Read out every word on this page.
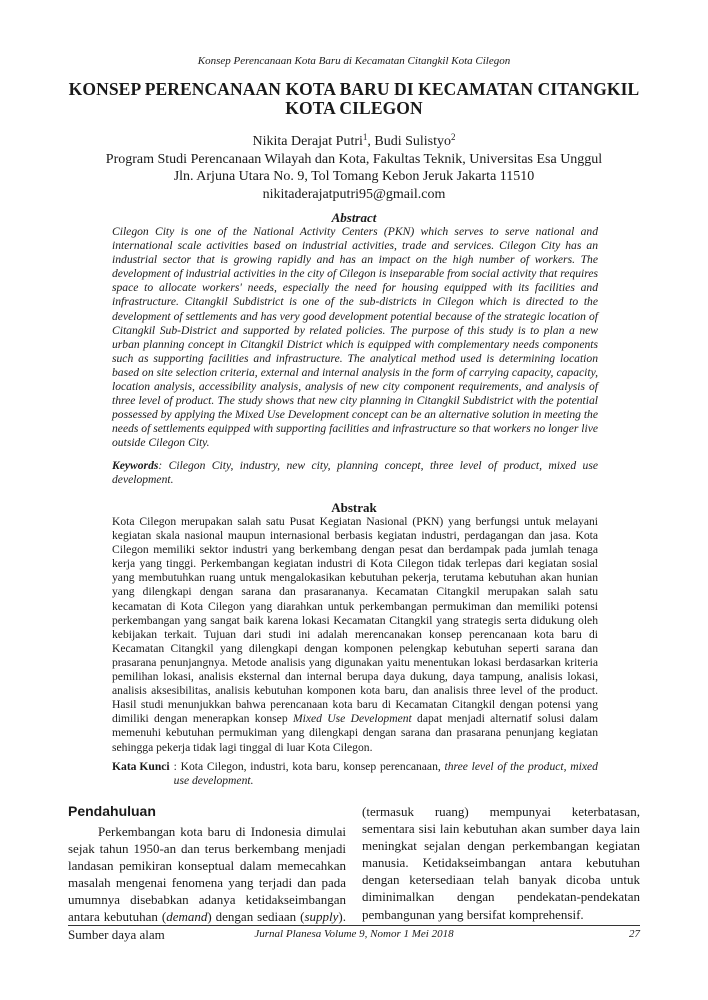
Konsep Perencanaan Kota Baru di Kecamatan Citangkil Kota Cilegon
KONSEP PERENCANAAN KOTA BARU DI KECAMATAN CITANGKIL
KOTA CILEGON
Nikita Derajat Putri$^1$, Budi Sulistyo$^2$
Program Studi Perencanaan Wilayah dan Kota, Fakultas Teknik, Universitas Esa Unggul
Jln. Arjuna Utara No. 9, Tol Tomang Kebon Jeruk Jakarta 11510
nikitaderajatputri95@gmail.com
Abstract
Cilegon City is one of the National Activity Centers (PKN) which serves to serve national and international scale activities based on industrial activities, trade and services. Cilegon City has an industrial sector that is growing rapidly and has an impact on the high number of workers. The development of industrial activities in the city of Cilegon is inseparable from social activity that requires space to allocate workers' needs, especially the need for housing equipped with its facilities and infrastructure. Citangkil Subdistrict is one of the sub-districts in Cilegon which is directed to the development of settlements and has very good development potential because of the strategic location of Citangkil Sub-District and supported by related policies. The purpose of this study is to plan a new urban planning concept in Citangkil District which is equipped with complementary needs components such as supporting facilities and infrastructure. The analytical method used is determining location based on site selection criteria, external and internal analysis in the form of carrying capacity, capacity, location analysis, accessibility analysis, analysis of new city component requirements, and analysis of three level of product. The study shows that new city planning in Citangkil Subdistrict with the potential possessed by applying the Mixed Use Development concept can be an alternative solution in meeting the needs of settlements equipped with supporting facilities and infrastructure so that workers no longer live outside Cilegon City.
Keywords: Cilegon City, industry, new city, planning concept, three level of product, mixed use development.
Abstrak
Kota Cilegon merupakan salah satu Pusat Kegiatan Nasional (PKN) yang berfungsi untuk melayani kegiatan skala nasional maupun internasional berbasis kegiatan industri, perdagangan dan jasa. Kota Cilegon memiliki sektor industri yang berkembang dengan pesat dan berdampak pada jumlah tenaga kerja yang tinggi. Perkembangan kegiatan industri di Kota Cilegon tidak terlepas dari kegiatan sosial yang membutuhkan ruang untuk mengalokasikan kebutuhan pekerja, terutama kebutuhan akan hunian yang dilengkapi dengan sarana dan prasarananya. Kecamatan Citangkil merupakan salah satu kecamatan di Kota Cilegon yang diarahkan untuk perkembangan permukiman dan memiliki potensi perkembangan yang sangat baik karena lokasi Kecamatan Citangkil yang strategis serta didukung oleh kebijakan terkait. Tujuan dari studi ini adalah merencanakan konsep perencanaan kota baru di Kecamatan Citangkil yang dilengkapi dengan komponen pelengkap kebutuhan seperti sarana dan prasarana penunjangnya. Metode analisis yang digunakan yaitu menentukan lokasi berdasarkan kriteria pemilihan lokasi, analisis eksternal dan internal berupa daya dukung, daya tampung, analisis lokasi, analisis aksesibilitas, analisis kebutuhan komponen kota baru, dan analisis three level of the product. Hasil studi menunjukkan bahwa perencanaan kota baru di Kecamatan Citangkil dengan potensi yang dimiliki dengan menerapkan konsep Mixed Use Development dapat menjadi alternatif solusi dalam memenuhi kebutuhan permukiman yang dilengkapi dengan sarana dan prasarana penunjang kegiatan sehingga pekerja tidak lagi tinggal di luar Kota Cilegon.
Kata Kunci : Kota Cilegon, industri, kota baru, konsep perencanaan, three level of the product, mixed use development.
Pendahuluan

Perkembangan kota baru di Indonesia dimulai sejak tahun 1950-an dan terus berkembang menjadi landasan pemikiran konseptual dalam memecahkan masalah mengenai fenomena yang terjadi dan pada umumnya disebabkan adanya ketidakseimbangan antara kebutuhan (demand) dengan sediaan (supply). Sumber daya alam

(termasuk ruang) mempunyai keterbatasan, sementara sisi lain kebutuhan akan sumber daya lain meningkat sejalan dengan perkembangan kegiatan manusia. Ketidakseimbangan antara kebutuhan dengan ketersediaan telah banyak dicoba untuk diminimalkan dengan pendekatan-pendekatan pembangunan yang bersifat komprehensif.

Jurnal Planesa Volume 9, Nomor 1 Mei 2018	27
